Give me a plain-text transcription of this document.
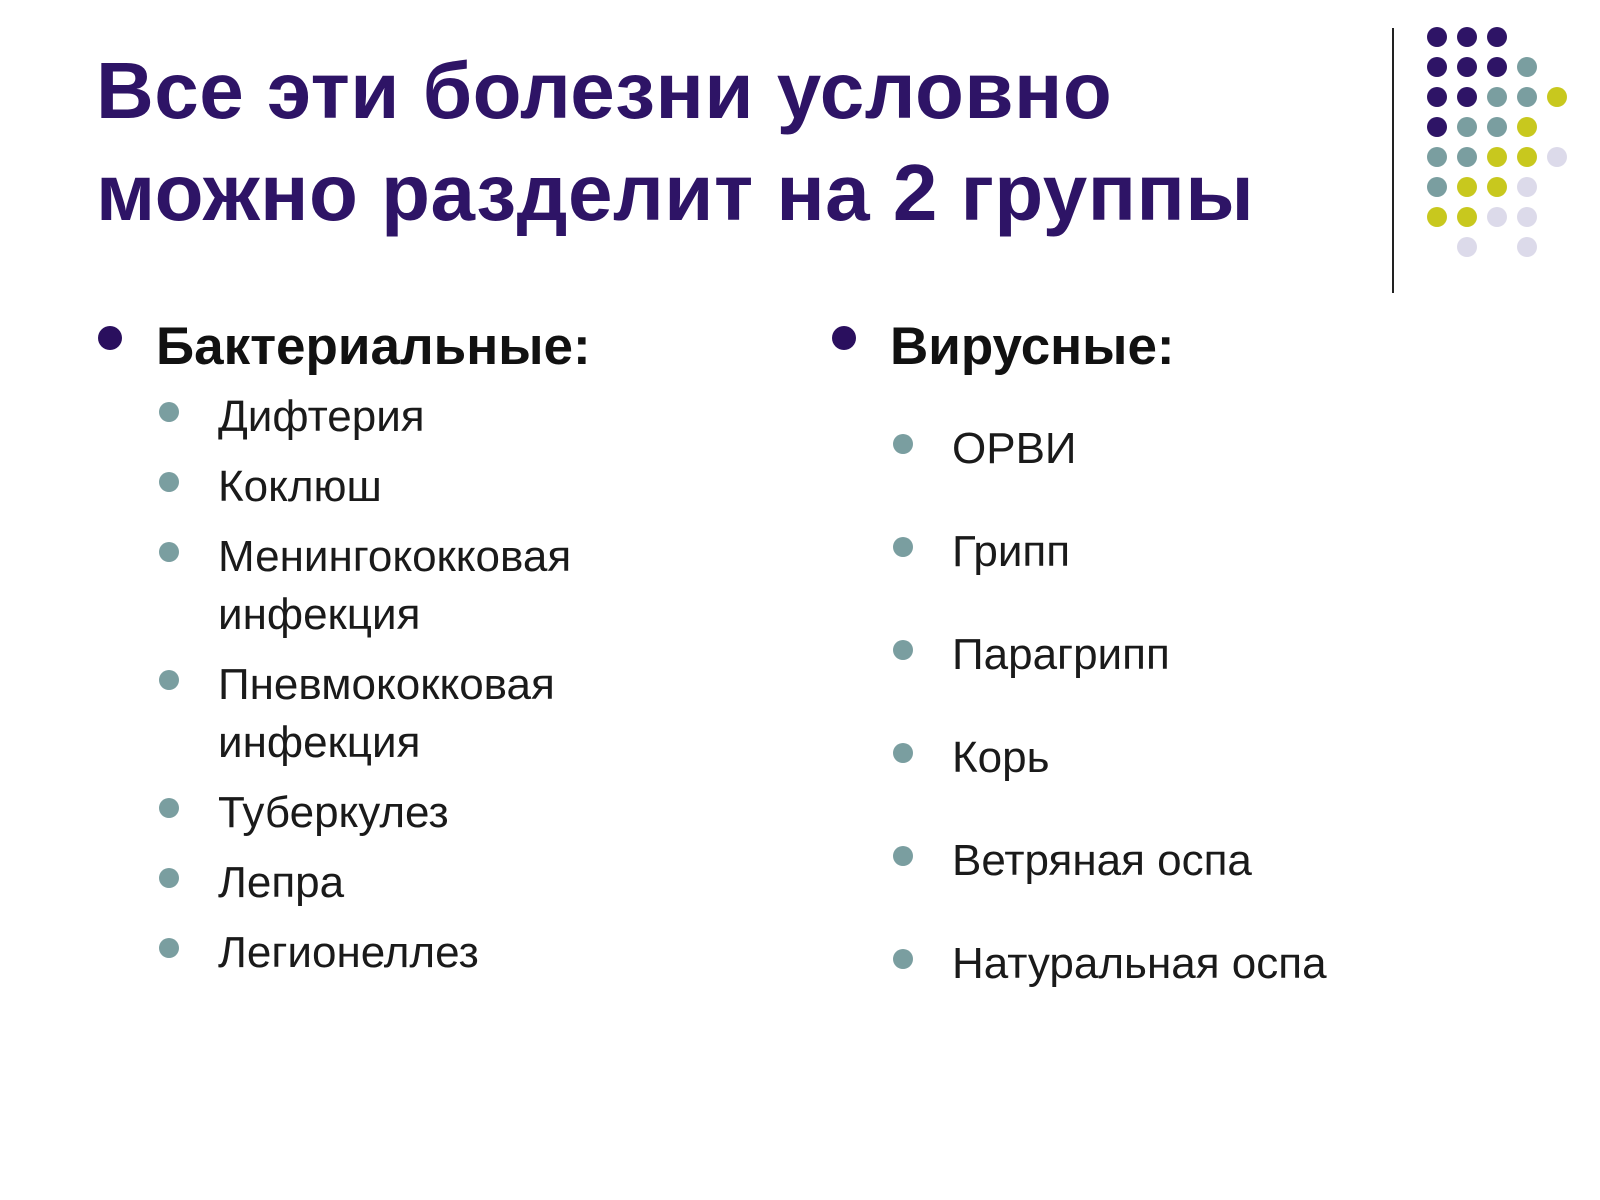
Все эти болезни условно
можно разделит на 2 группы
Бактериальные:
Дифтерия
Коклюш
Менингококковая инфекция
Пневмококковая инфекция
Туберкулез
Лепра
Легионеллез
Вирусные:
ОРВИ
Грипп
Парагрипп
Корь
Ветряная оспа
Натуральная оспа
